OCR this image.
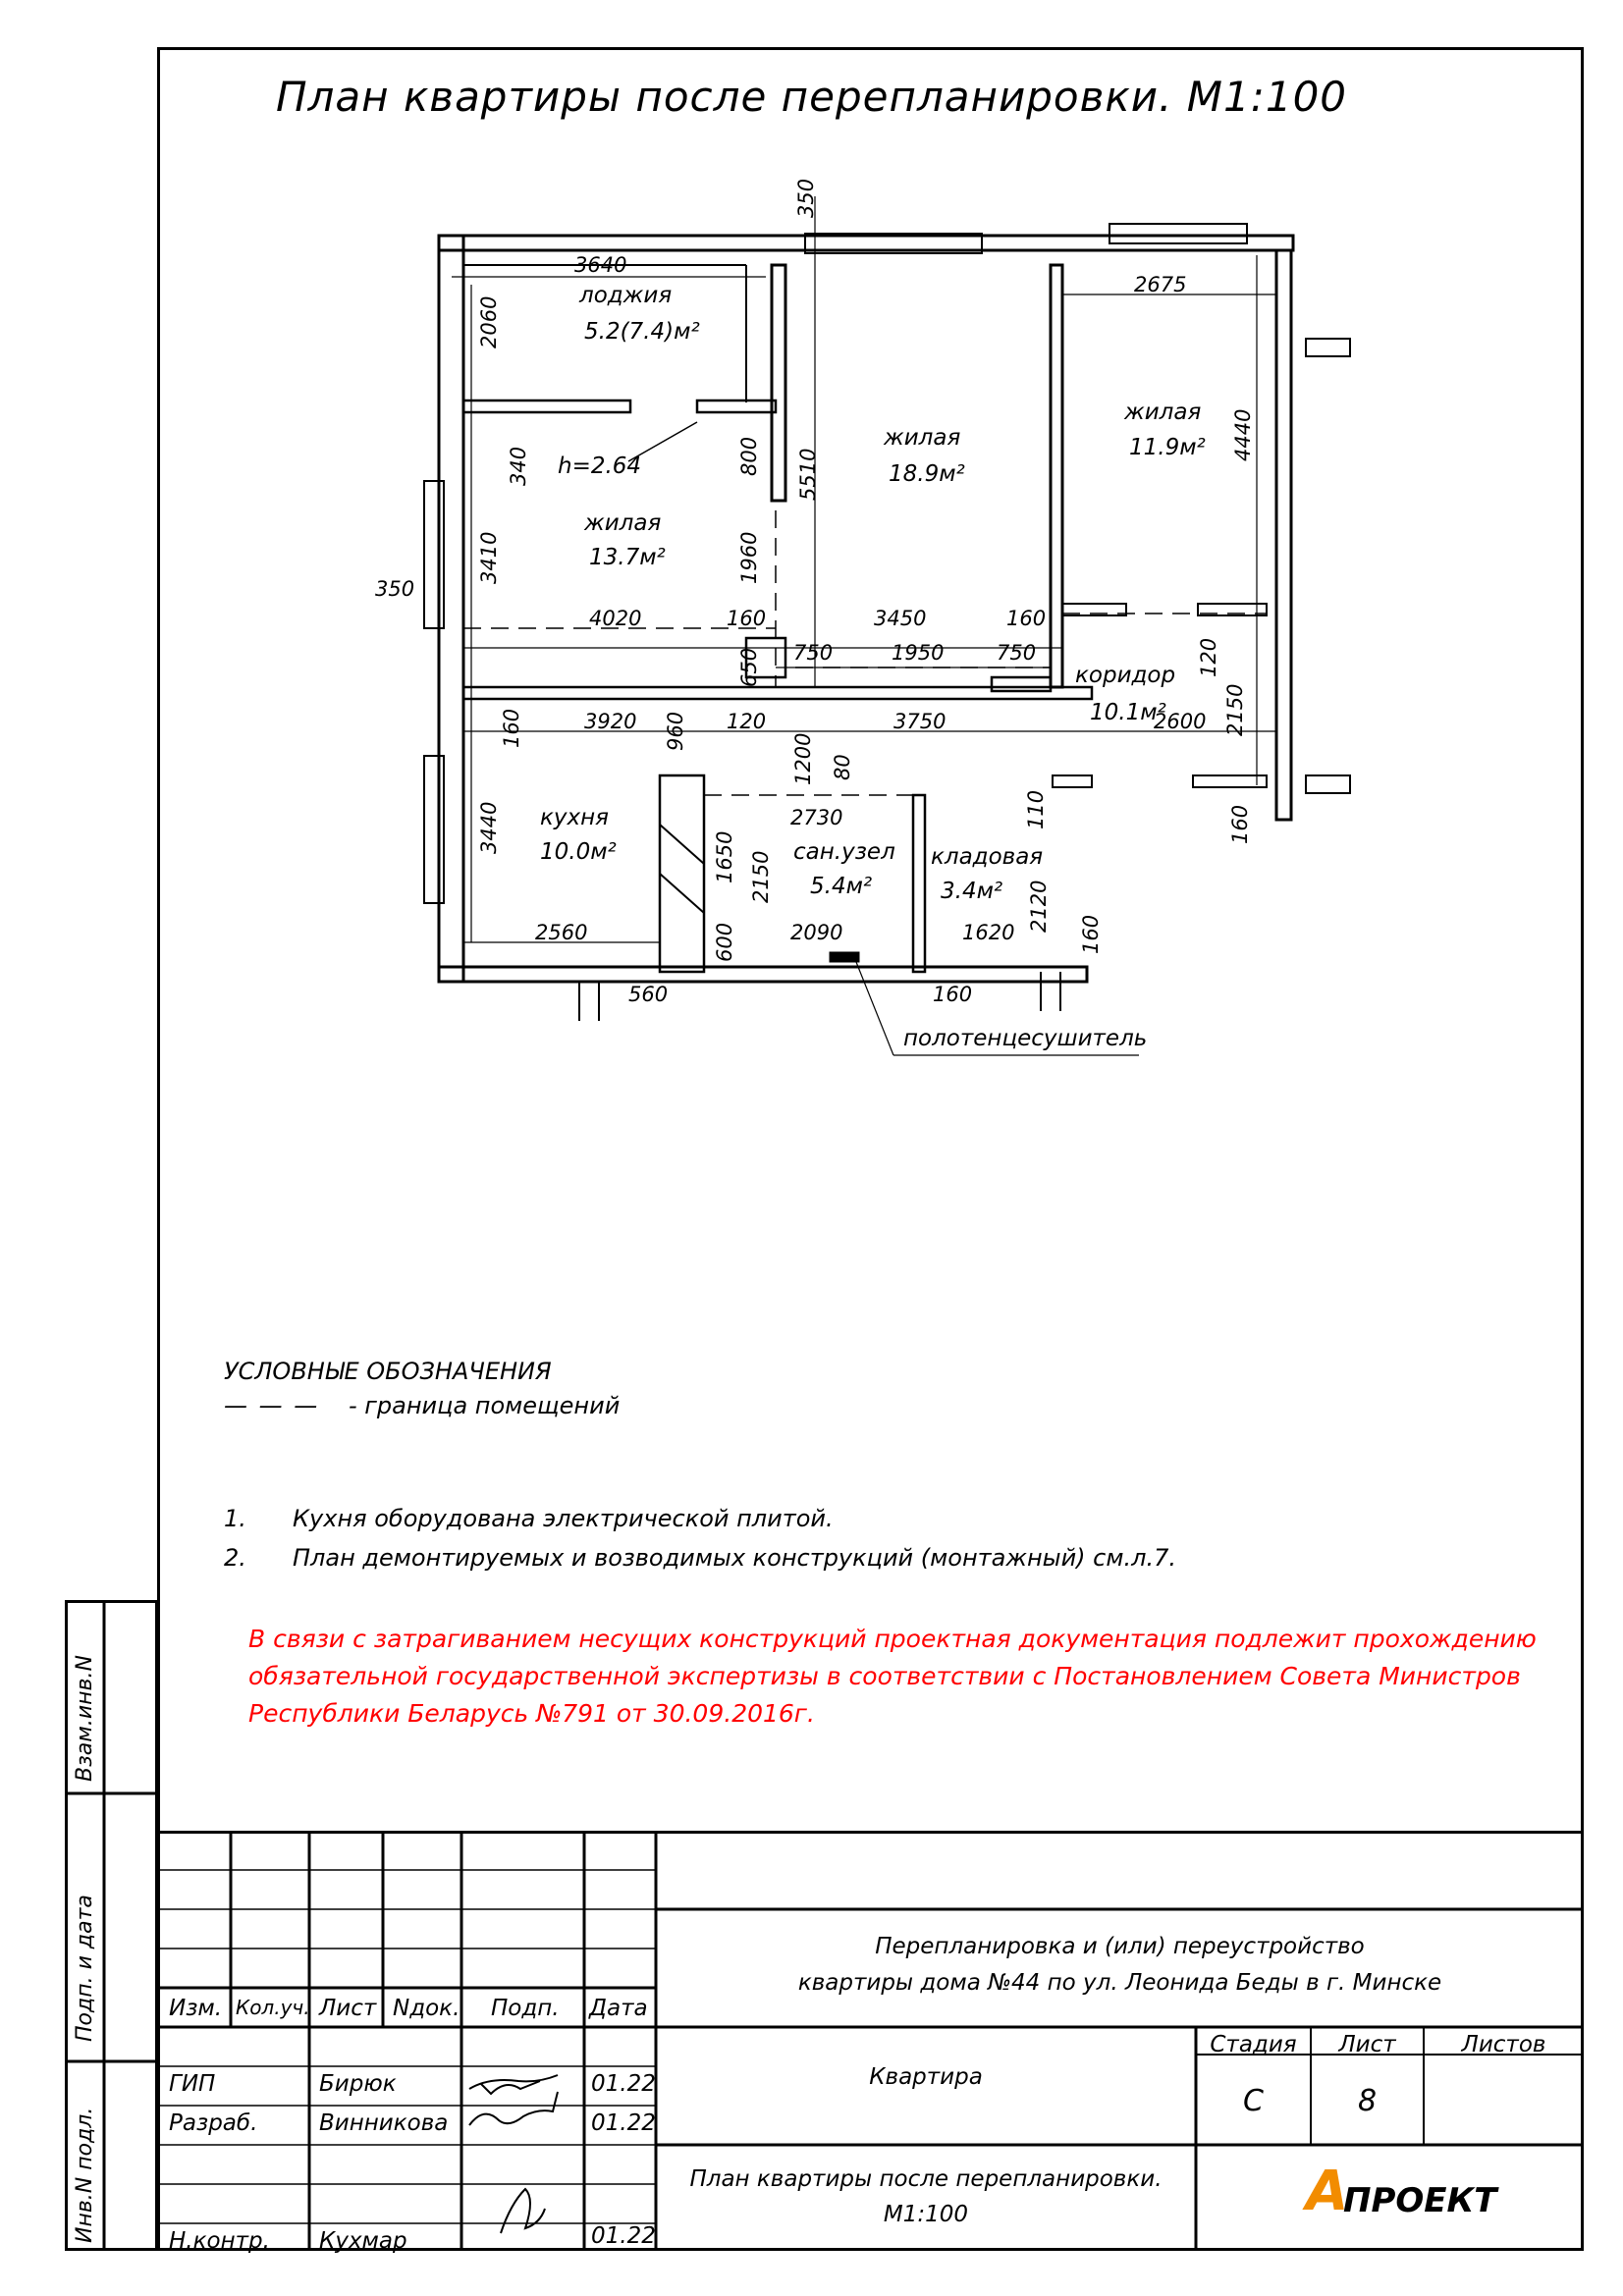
План квартиры после перепланировки. М1:100
лоджия
5.2(7.4)м²
жилая
18.9м²
жилая
11.9м²
жилая
13.7м²
коридор
10.1м²
кухня
10.0м²	сан.узел
5.4м²
кладовая
3.4м²
h=2.64
полотенцесушитель
3640
2675
4020	160	3450	160
750	1950	750
3920	120	3750	2600
2730
2560	2090	1620
560	160
350
350
2060
4440
340	800 5510
3410	1960
650	120
160	2150
960
1200 80
110
3440
1650 2150
2120
160
600	160
УСЛОВНЫЕ ОБОЗНАЧЕНИЯ
— — — - граница помещений
1. Кухня оборудована электрической плитой.
2. План демонтируемых и возводимых конструкций (монтажный) см.л.7.
В связи с затрагиванием несущих конструкций проектная документация подлежит прохождению
обязательной государственной экспертизы в соответствии с Постановлением Совета Министров
Республики Беларусь №791 от 30.09.2016г.
Взам.инв.N
Подп. и дата
Инв.N подл.
Изм. Кол.уч. Лист Nдок. Подп. Дата
ГИП	Бирюк	01.22
Разраб.	Винникова	01.22
Н.контр. Кухмар	01.22
Перепланировка и (или) переустройство
квартиры дома №44 по ул. Леонида Беды в г. Минске
Квартира
Стадия	Лист	Листов
С	8
План квартиры после перепланировки.
М1:100	А
ПРОЕКТ
